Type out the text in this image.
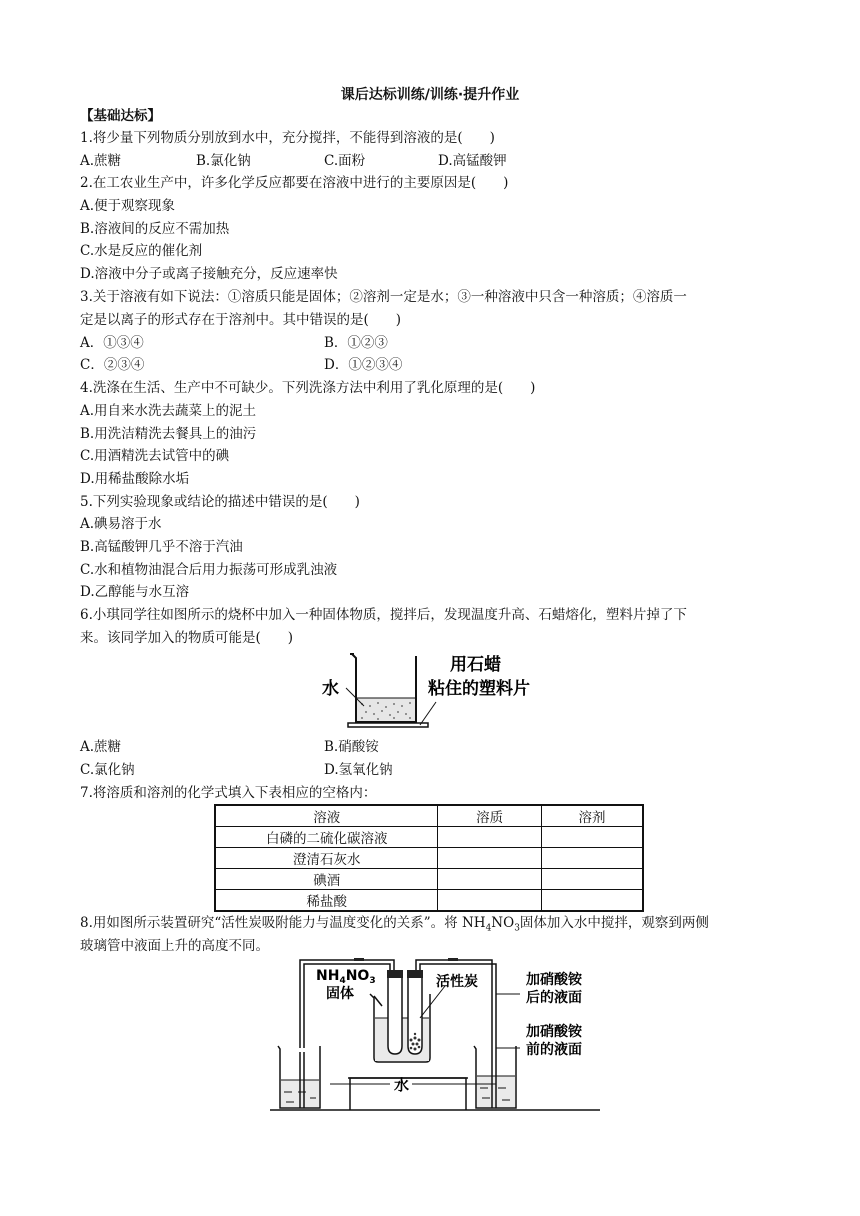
课后达标训练/训练·提升作业
【基础达标】
1.将少量下列物质分别放到水中，充分搅拌，不能得到溶液的是(　　)
A.蔗糖	B.氯化钠	C.面粉	D.高锰酸钾
2.在工农业生产中，许多化学反应都要在溶液中进行的主要原因是(　　)
A.便于观察现象
B.溶液间的反应不需加热
C.水是反应的催化剂
D.溶液中分子或离子接触充分，反应速率快
3.关于溶液有如下说法：①溶质只能是固体；②溶剂一定是水；③一种溶液中只含一种溶质；④溶质一
定是以离子的形式存在于溶剂中。其中错误的是(　　)
A．①③④	B．①②③
C．②③④	D．①②③④
4.洗涤在生活、生产中不可缺少。下列洗涤方法中利用了乳化原理的是(　　)
A.用自来水洗去蔬菜上的泥土
B.用洗洁精洗去餐具上的油污
C.用酒精洗去试管中的碘
D.用稀盐酸除水垢
5.下列实验现象或结论的描述中错误的是(　　)
A.碘易溶于水
B.高锰酸钾几乎不溶于汽油
C.水和植物油混合后用力振荡可形成乳浊液
D.乙醇能与水互溶
6.小琪同学往如图所示的烧杯中加入一种固体物质，搅拌后，发现温度升高、石蜡熔化，塑料片掉了下
来。该同学加入的物质可能是(　　)
水
用石蜡
粘住的塑料片
A.蔗糖	B.硝酸铵
C.氯化钠	D.氢氧化钠
7.将溶质和溶剂的化学式填入下表相应的空格内：
溶液	溶质	溶剂
白磷的二硫化碳溶液		
澄清石灰水		
碘酒		
稀盐酸		
8.用如图所示装置研究“活性炭吸附能力与温度变化的关系”。将 $NH_4NO_3$固体加入水中搅拌，观察到两侧
玻璃管中液面上升的高度不同。
$NH_4NO_3$
固体
活性炭	加硝酸铵
后的液面
加硝酸铵
前的液面
水
